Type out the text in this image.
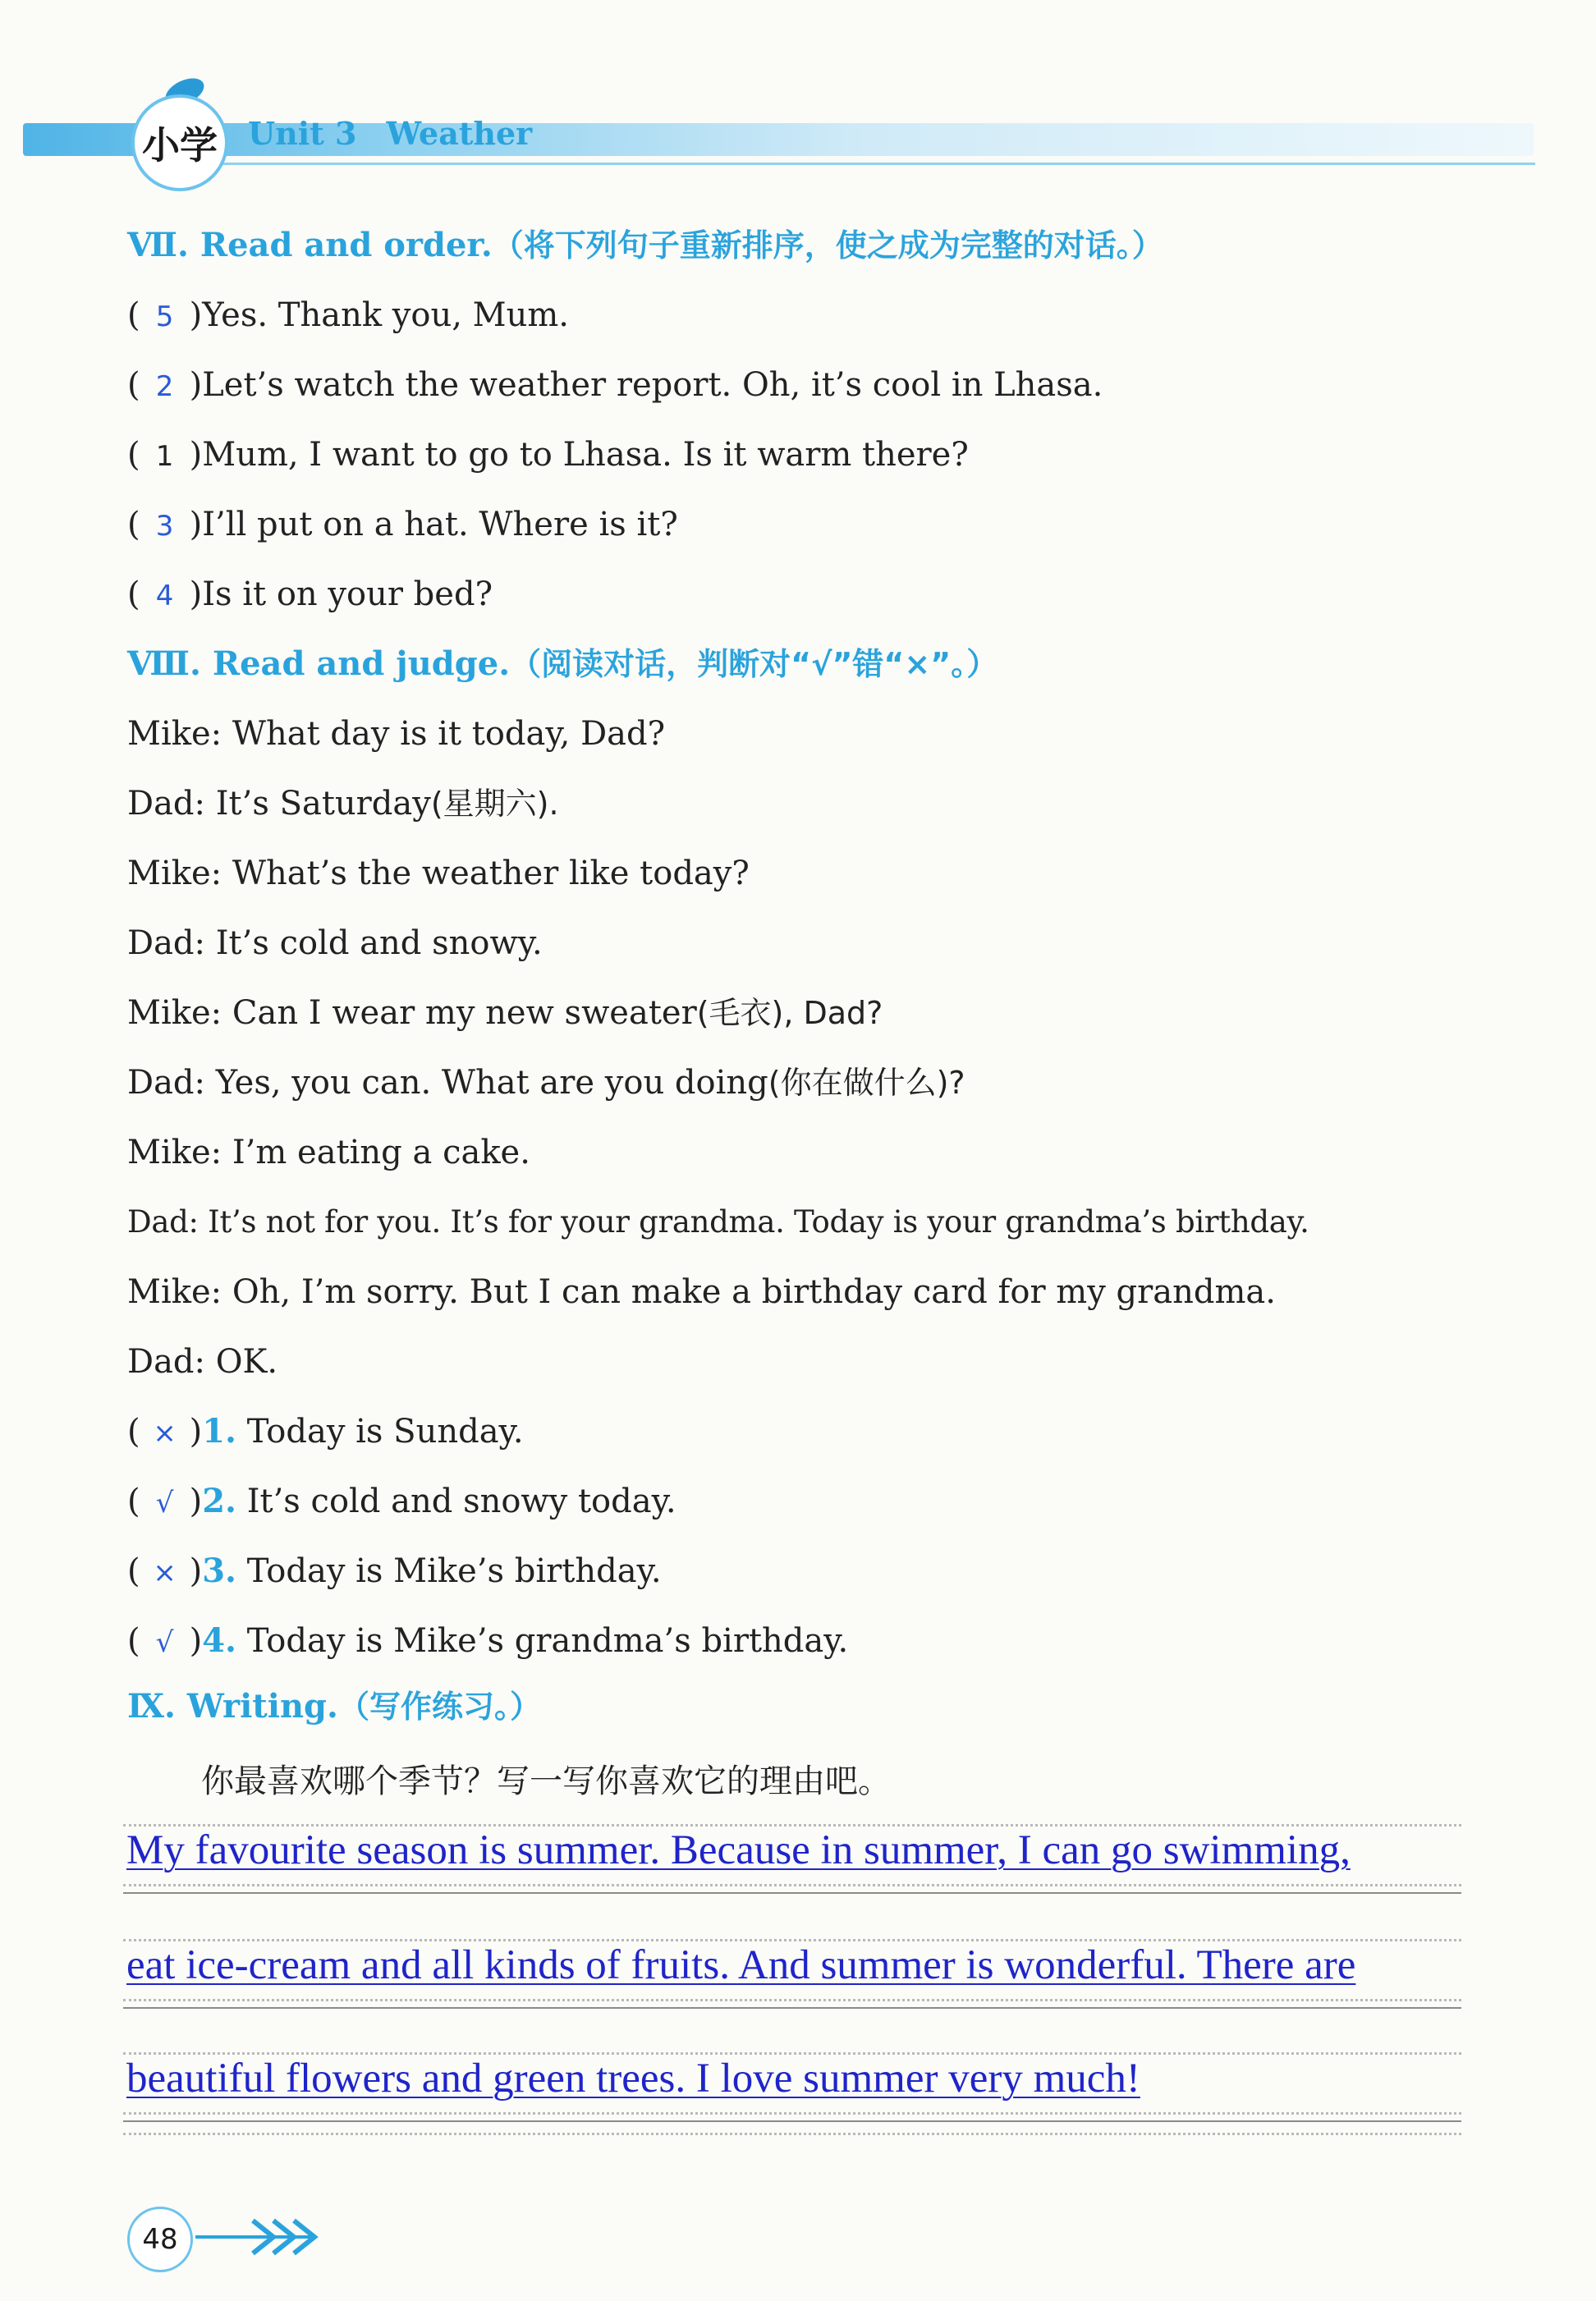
小学 Unit 3 Weather
Ⅶ. Read and order.（将下列句子重新排序，使之成为完整的对话。）
( 5 )Yes. Thank you, Mum.
( 2 )Let’s watch the weather report. Oh, it’s cool in Lhasa.
( 1 )Mum, I want to go to Lhasa. Is it warm there?
( 3 )I’ll put on a hat. Where is it?
( 4 )Is it on your bed?
Ⅷ. Read and judge.（阅读对话，判断对“√”错“×”。）
Mike: What day is it today, Dad?
Dad: It’s Saturday(星期六).
Mike: What’s the weather like today?
Dad: It’s cold and snowy.
Mike: Can I wear my new sweater(毛衣), Dad?
Dad: Yes, you can. What are you doing(你在做什么)?
Mike: I’m eating a cake.
Dad: It’s not for you. It’s for your grandma. Today is your grandma’s birthday.
Mike: Oh, I’m sorry. But I can make a birthday card for my grandma.
Dad: OK.
( × )1. Today is Sunday.
( √ )2. It’s cold and snowy today.
( × )3. Today is Mike’s birthday.
( √ )4. Today is Mike’s grandma’s birthday.
Ⅸ. Writing.（写作练习。）
你最喜欢哪个季节？写一写你喜欢它的理由吧。
My favourite season is summer. Because in summer, I can go swimming,
eat ice-cream and all kinds of fruits. And summer is wonderful. There are
beautiful flowers and green trees. I love summer very much!
48
